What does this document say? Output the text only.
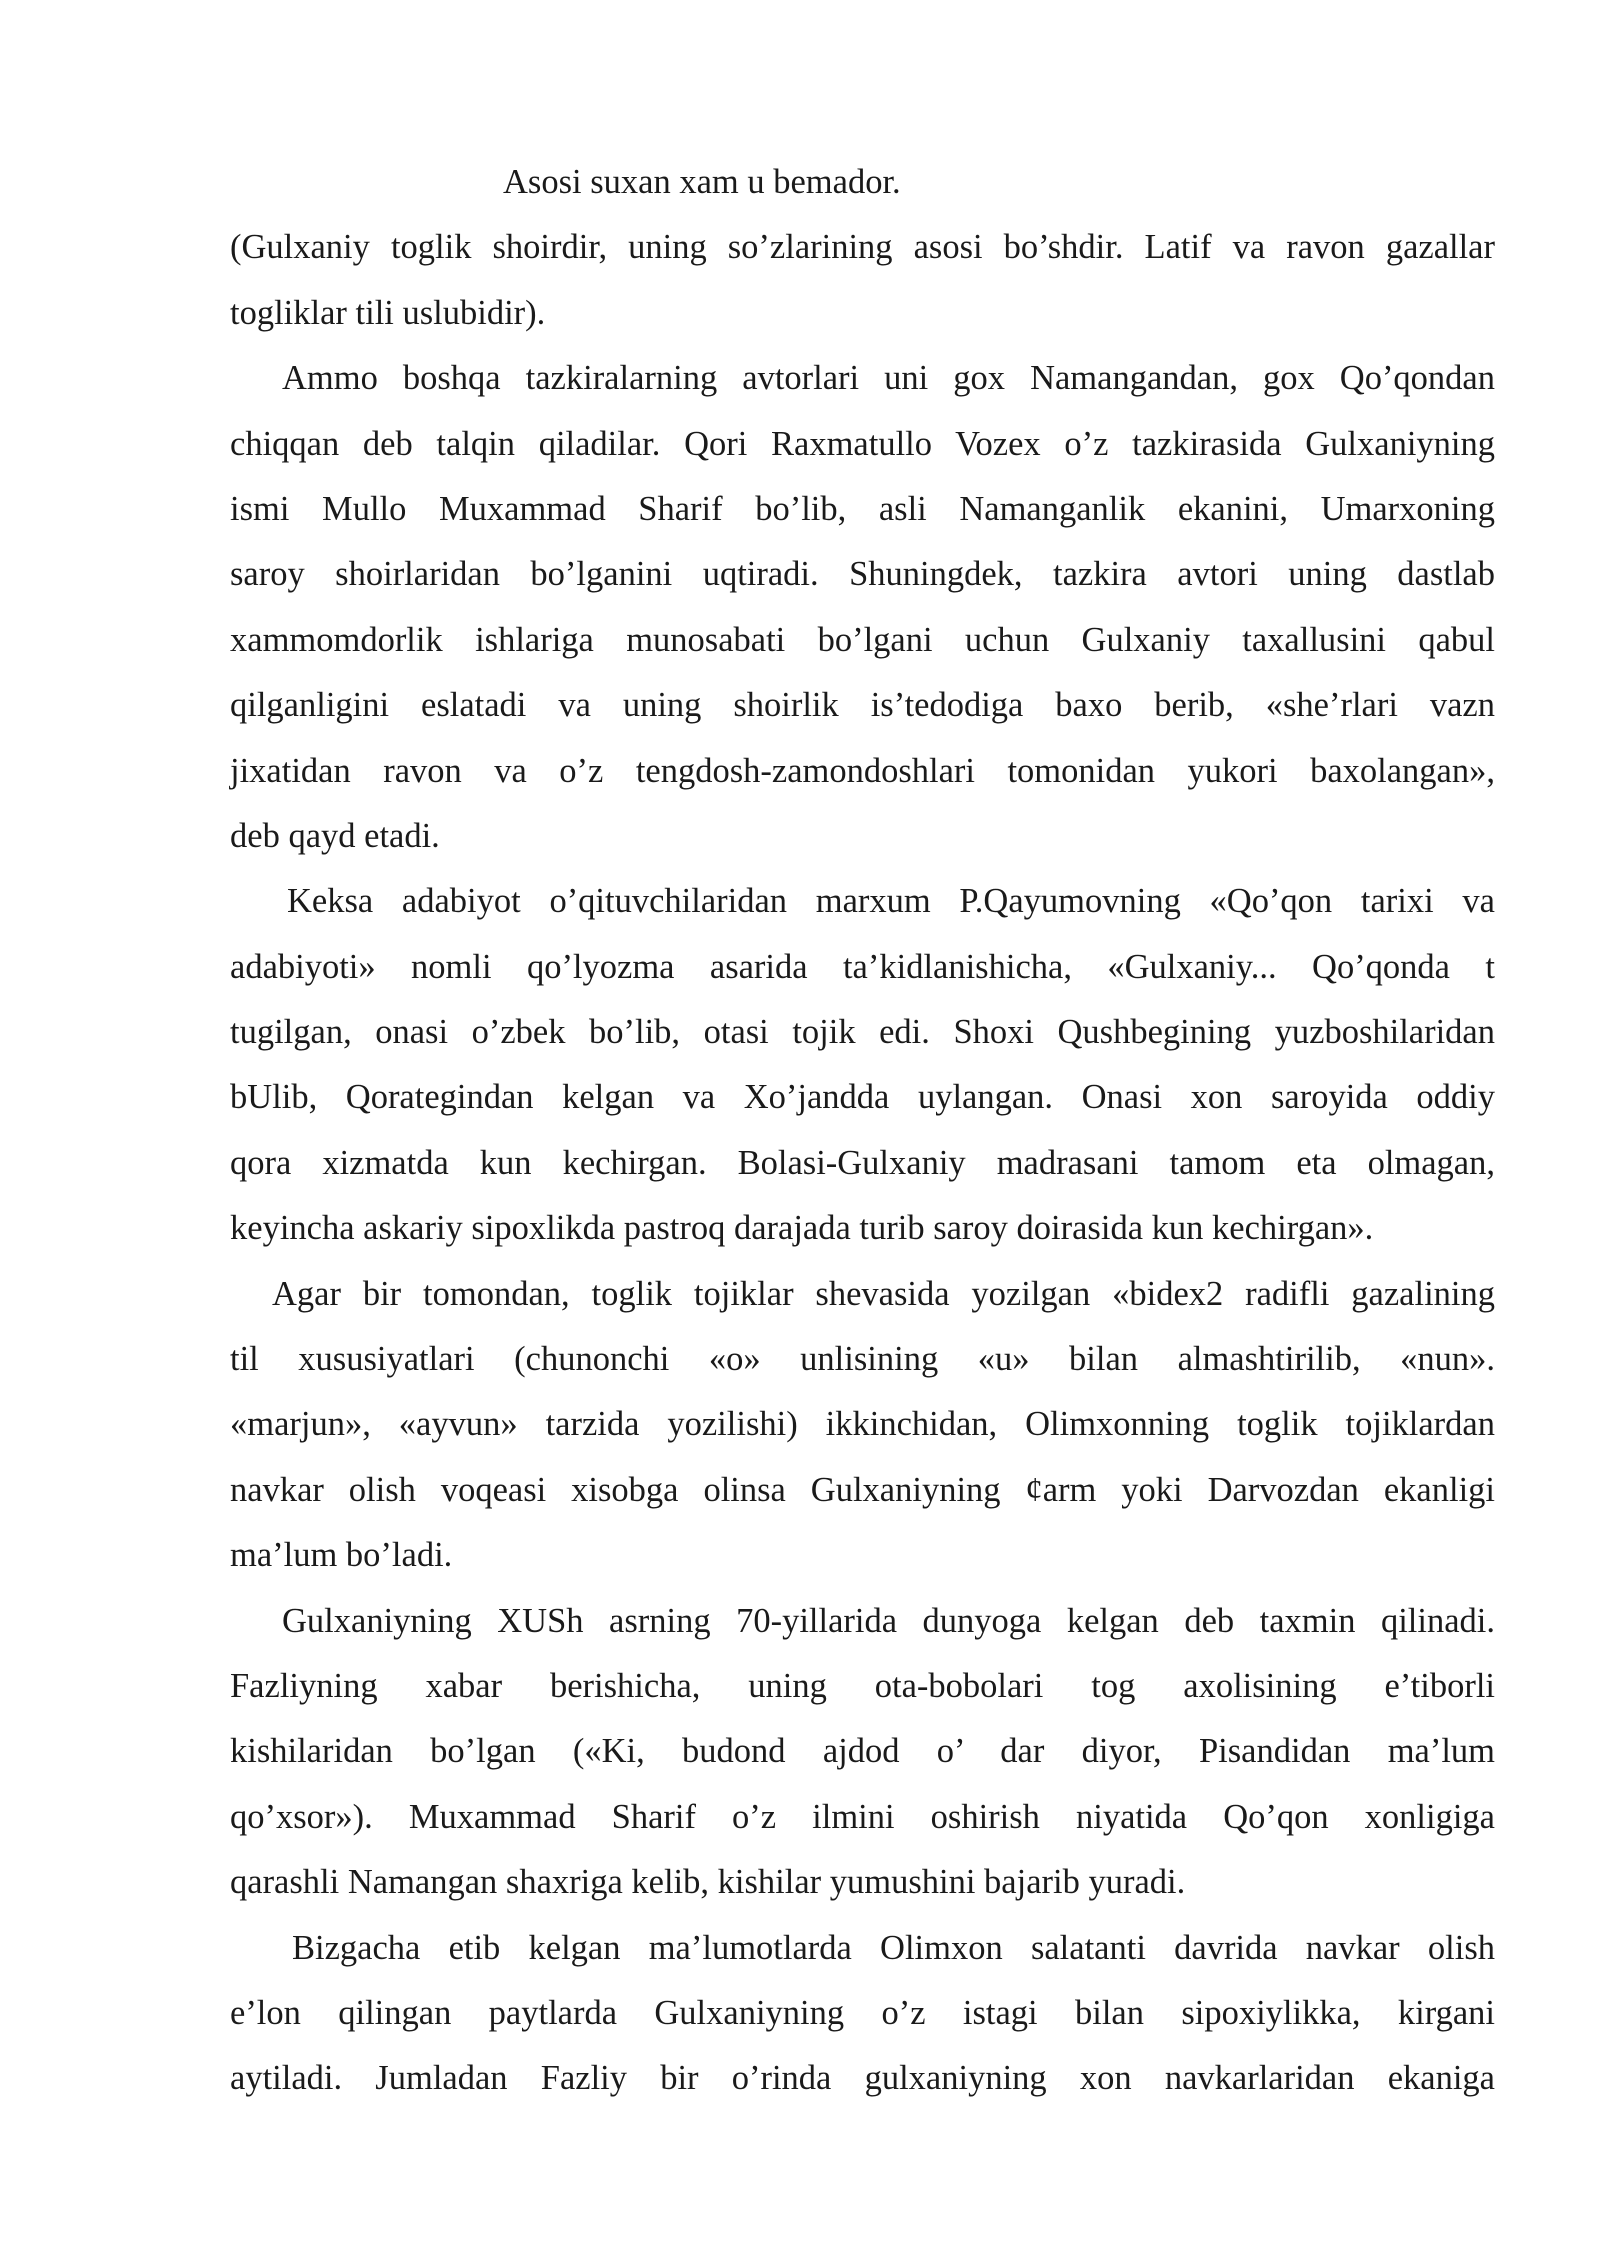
Asosi suxan xam u bemador.
(Gulxaniy toglik shoirdir, uning so’zlarining asosi bo’shdir. Latif va ravon gazallar
togliklar tili uslubidir).
Ammo boshqa tazkiralarning avtorlari uni gox Namangandan, gox Qo’qondan
chiqqan deb talqin qiladilar. Qori Raxmatullo Vozex o’z tazkirasida Gulxaniyning
ismi Mullo Muxammad Sharif bo’lib, asli Namanganlik ekanini, Umarxoning
saroy shoirlaridan bo’lganini uqtiradi. Shuningdek, tazkira avtori uning dastlab
xammomdorlik ishlariga munosabati bo’lgani uchun Gulxaniy taxallusini qabul
qilganligini eslatadi va uning shoirlik is’tedodiga baxo berib, «she’rlari vazn
jixatidan ravon va o’z tengdosh-zamondoshlari tomonidan yukori baxolangan»,
deb qayd etadi.
Keksa adabiyot o’qituvchilaridan marxum P.Qayumovning «Qo’qon tarixi va
adabiyoti» nomli qo’lyozma asarida ta’kidlanishicha, «Gulxaniy... Qo’qonda t
tugilgan, onasi o’zbek bo’lib, otasi tojik edi. Shoxi Qushbegining yuzboshilaridan
bUlib, Qorategindan kelgan va Xo’jandda uylangan. Onasi xon saroyida oddiy
qora xizmatda kun kechirgan. Bolasi-Gulxaniy madrasani tamom eta olmagan,
keyincha askariy sipoxlikda pastroq darajada turib saroy doirasida kun kechirgan».
Agar bir tomondan, toglik tojiklar shevasida yozilgan «bidex2 radifli gazalining
til xususiyatlari (chunonchi «o» unlisining «u» bilan almashtirilib, «nun».
«marjun», «ayvun» tarzida yozilishi) ikkinchidan, Olimxonning toglik tojiklardan
navkar olish voqeasi xisobga olinsa Gulxaniyning ¢arm yoki Darvozdan ekanligi
ma’lum bo’ladi.
Gulxaniyning XUSh asrning 70-yillarida dunyoga kelgan deb taxmin qilinadi.
Fazliyning xabar berishicha, uning ota-bobolari tog axolisining e’tiborli
kishilaridan bo’lgan («Ki, budond ajdod o’ dar diyor, Pisandidan ma’lum
qo’xsor»). Muxammad Sharif o’z ilmini oshirish niyatida Qo’qon xonligiga
qarashli Namangan shaxriga kelib, kishilar yumushini bajarib yuradi.
Bizgacha etib kelgan ma’lumotlarda Olimxon salatanti davrida navkar olish
e’lon qilingan paytlarda Gulxaniyning o’z istagi bilan sipoxiylikka, kirgani
aytiladi. Jumladan Fazliy bir o’rinda gulxaniyning xon navkarlaridan ekaniga
